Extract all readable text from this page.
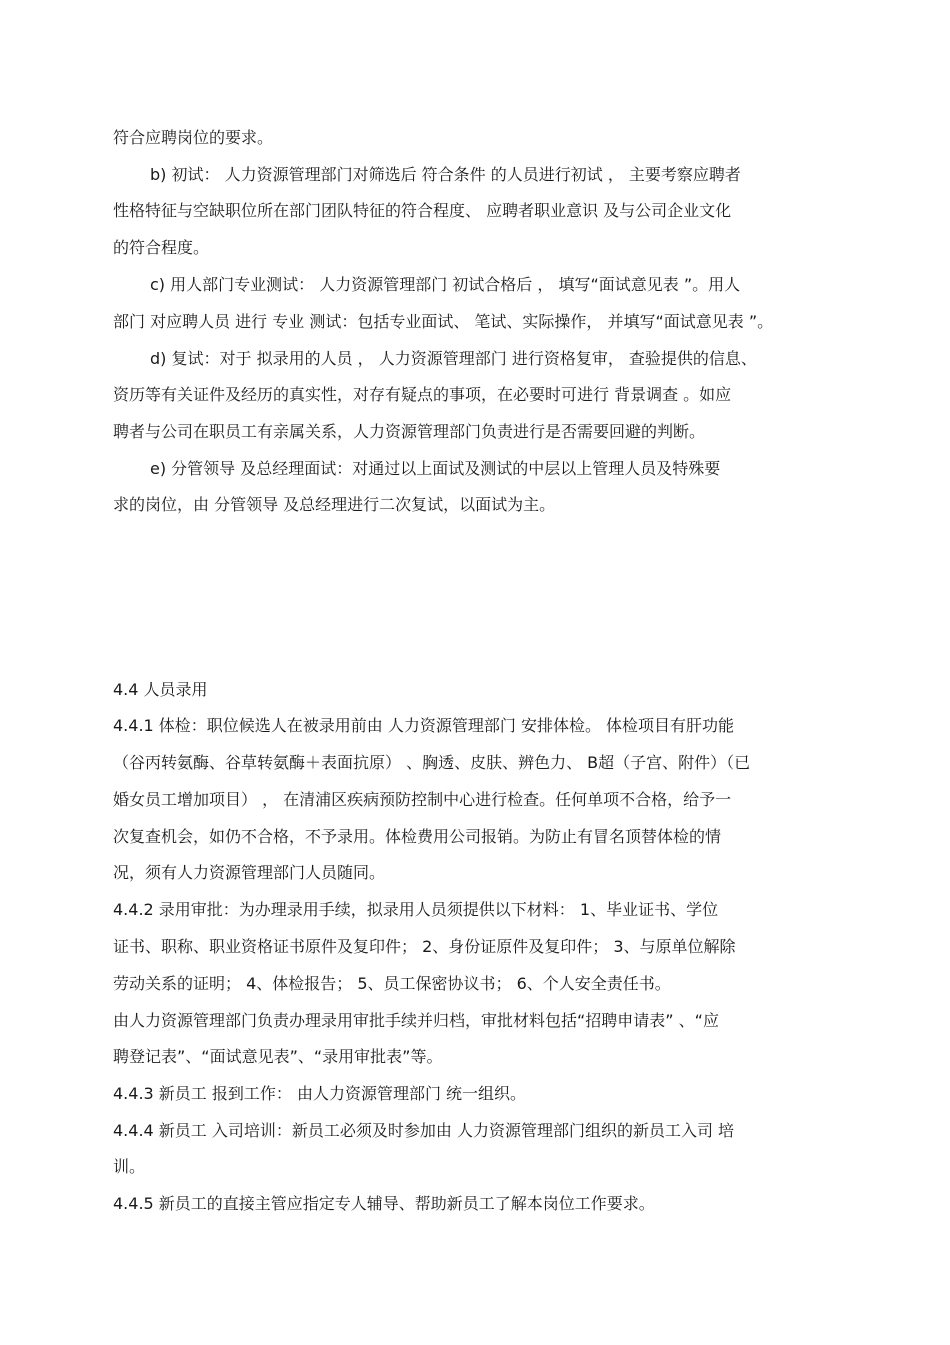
符合应聘岗位的要求。

b) 初试： 人力资源管理部门对筛选后 符合条件 的人员进行初试 ， 主要考察应聘者

性格特征与空缺职位所在部门团队特征的符合程度、 应聘者职业意识 及与公司企业文化

的符合程度。

c) 用人部门专业测试： 人力资源管理部门 初试合格后 ， 填写“面试意见表 ”。用人

部门 对应聘人员 进行 专业 测试：包括专业面试、 笔试、实际操作， 并填写“面试意见表 ”。

d) 复试：对于 拟录用的人员 ， 人力资源管理部门 进行资格复审， 查验提供的信息、

资历等有关证件及经历的真实性，对存有疑点的事项，在必要时可进行 背景调查 。如应

聘者与公司在职员工有亲属关系，人力资源管理部门负责进行是否需要回避的判断。

e) 分管领导 及总经理面试：对通过以上面试及测试的中层以上管理人员及特殊要

求的岗位，由 分管领导 及总经理进行二次复试，以面试为主。

4.4 人员录用

4.4.1 体检：职位候选人在被录用前由 人力资源管理部门 安排体检。 体检项目有肝功能

（谷丙转氨酶、谷草转氨酶＋表面抗原） 、胸透、皮肤、辨色力、 B超（子宫、附件）（已

婚女员工增加项目） ， 在清浦区疾病预防控制中心进行检查。任何单项不合格，给予一

次复查机会，如仍不合格，不予录用。体检费用公司报销。为防止有冒名顶替体检的情

况，须有人力资源管理部门人员随同。

4.4.2 录用审批：为办理录用手续，拟录用人员须提供以下材料： 1、毕业证书、学位

证书、职称、职业资格证书原件及复印件； 2、身份证原件及复印件； 3、与原单位解除

劳动关系的证明； 4、体检报告； 5、员工保密协议书； 6、个人安全责任书。

由人力资源管理部门负责办理录用审批手续并归档，审批材料包括“招聘申请表” 、“应

聘登记表”、“面试意见表”、“录用审批表”等。

4.4.3 新员工 报到工作： 由人力资源管理部门 统一组织。

4.4.4 新员工 入司培训：新员工必须及时参加由 人力资源管理部门组织的新员工入司 培

训。

4.4.5 新员工的直接主管应指定专人辅导、帮助新员工了解本岗位工作要求。
